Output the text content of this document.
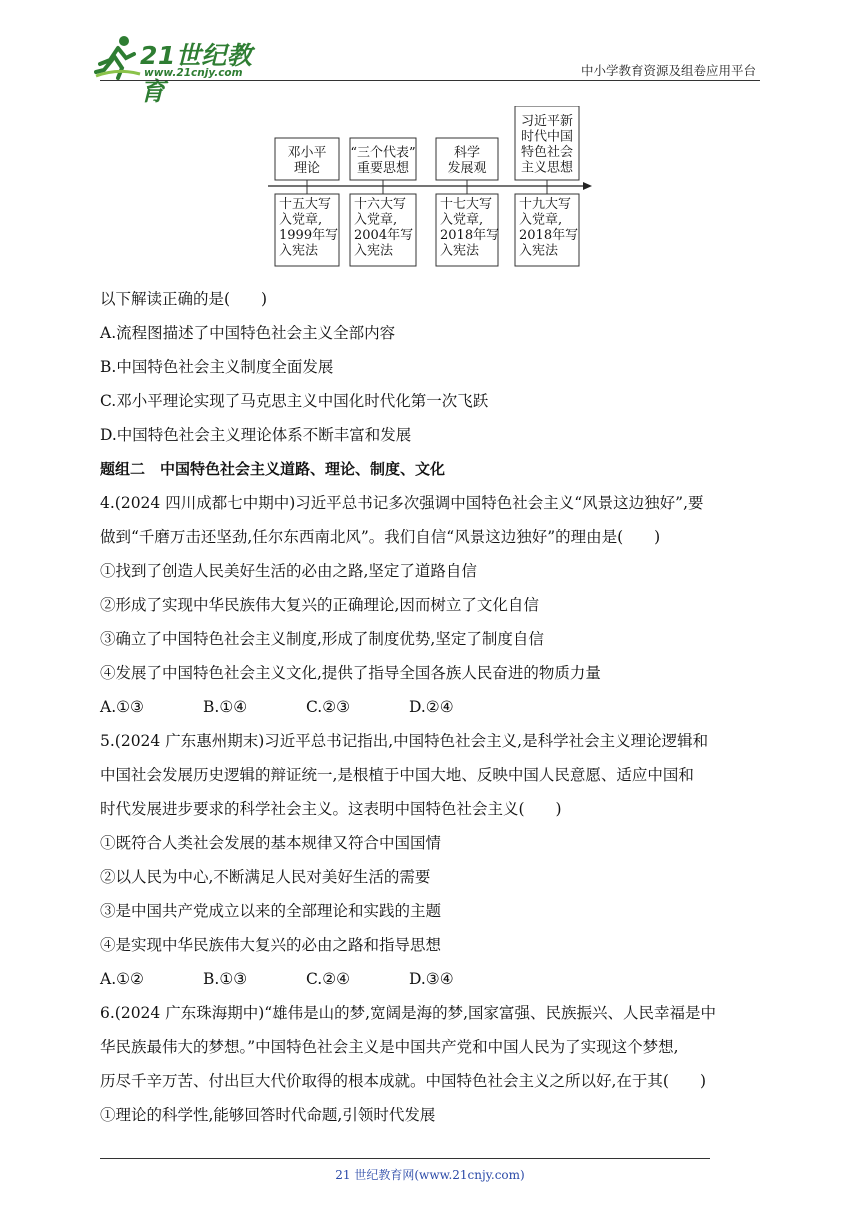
21世纪教育
www.21cnjy.com	中小学教育资源及组卷应用平台
邓小平
理论
“三个代表”
重要思想
科学
发展观
习近平新
时代中国
特色社会
主义思想
十五大写
入党章,
1999年写
入宪法
十六大写
入党章,
2004年写
入宪法
十七大写
入党章,
2018年写
入宪法
十九大写
入党章,
2018年写
入宪法
以下解读正确的是(　　)
A.流程图描述了中国特色社会主义全部内容
B.中国特色社会主义制度全面发展
C.邓小平理论实现了马克思主义中国化时代化第一次飞跃
D.中国特色社会主义理论体系不断丰富和发展
题组二　中国特色社会主义道路、理论、制度、文化
4.(2024 四川成都七中期中)习近平总书记多次强调中国特色社会主义“风景这边独好”,要
做到“千磨万击还坚劲,任尔东西南北风”。我们自信“风景这边独好”的理由是(　　)
①找到了创造人民美好生活的必由之路,坚定了道路自信
②形成了实现中华民族伟大复兴的正确理论,因而树立了文化自信
③确立了中国特色社会主义制度,形成了制度优势,坚定了制度自信
④发展了中国特色社会主义文化,提供了指导全国各族人民奋进的物质力量
A.①③	B.①④	C.②③	D.②④
5.(2024 广东惠州期末)习近平总书记指出,中国特色社会主义,是科学社会主义理论逻辑和
中国社会发展历史逻辑的辩证统一,是根植于中国大地、反映中国人民意愿、适应中国和
时代发展进步要求的科学社会主义。这表明中国特色社会主义(　　)
①既符合人类社会发展的基本规律又符合中国国情
②以人民为中心,不断满足人民对美好生活的需要
③是中国共产党成立以来的全部理论和实践的主题
④是实现中华民族伟大复兴的必由之路和指导思想
A.①②	B.①③	C.②④	D.③④
6.(2024 广东珠海期中)“雄伟是山的梦,宽阔是海的梦,国家富强、民族振兴、人民幸福是中
华民族最伟大的梦想。”中国特色社会主义是中国共产党和中国人民为了实现这个梦想,
历尽千辛万苦、付出巨大代价取得的根本成就。中国特色社会主义之所以好,在于其(　　)
①理论的科学性,能够回答时代命题,引领时代发展
21 世纪教育网(www.21cnjy.com)
